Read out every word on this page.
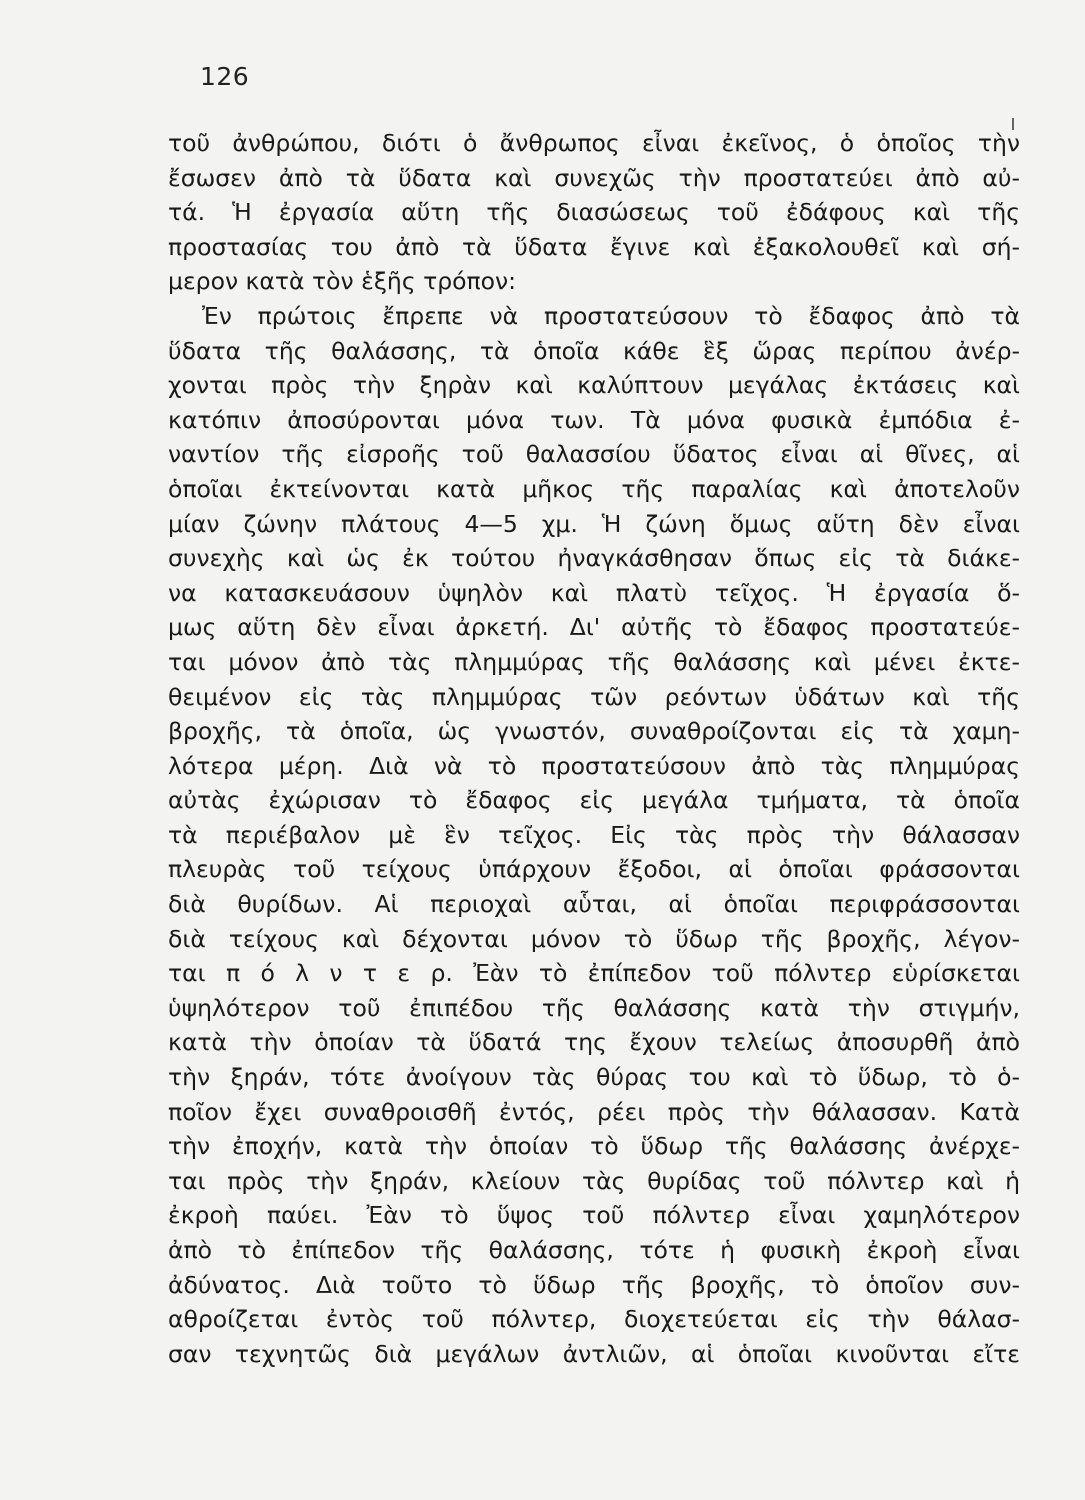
126
τοῦ ἀνθρώπου, διότι ὁ ἄνθρωπος εἶναι ἐκεῖνος, ὁ ὁποῖος τὴν
ἔσωσεν ἀπὸ τὰ ὕδατα καὶ συνεχῶς τὴν προστατεύει ἀπὸ αὐ-
τά. Ἡ ἐργασία αὕτη τῆς διασώσεως τοῦ ἐδάφους καὶ τῆς
προστασίας του ἀπὸ τὰ ὕδατα ἔγινε καὶ ἐξακολουθεῖ καὶ σή-
μερον κατὰ τὸν ἑξῆς τρόπον:
Ἐν πρώτοις ἔπρεπε νὰ προστατεύσουν τὸ ἔδαφος ἀπὸ τὰ
ὕδατα τῆς θαλάσσης, τὰ ὁποῖα κάθε ἓξ ὥρας περίπου ἀνέρ-
χονται πρὸς τὴν ξηρὰν καὶ καλύπτουν μεγάλας ἐκτάσεις καὶ
κατόπιν ἀποσύρονται μόνα των. Τὰ μόνα φυσικὰ ἐμπόδια ἐ-
ναντίον τῆς εἰσροῆς τοῦ θαλασσίου ὕδατος εἶναι αἱ θῖνες, αἱ
ὁποῖαι ἐκτείνονται κατὰ μῆκος τῆς παραλίας καὶ ἀποτελοῦν
μίαν ζώνην πλάτους 4—5 χμ. Ἡ ζώνη ὅμως αὕτη δὲν εἶναι
συνεχὴς καὶ ὡς ἐκ τούτου ἠναγκάσθησαν ὅπως εἰς τὰ διάκε-
να κατασκευάσουν ὑψηλὸν καὶ πλατὺ τεῖχος. Ἡ ἐργασία ὅ-
μως αὕτη δὲν εἶναι ἀρκετή. Δι' αὐτῆς τὸ ἔδαφος προστατεύε-
ται μόνον ἀπὸ τὰς πλημμύρας τῆς θαλάσσης καὶ μένει ἐκτε-
θειμένον εἰς τὰς πλημμύρας τῶν ρεόντων ὑδάτων καὶ τῆς
βροχῆς, τὰ ὁποῖα, ὡς γνωστόν, συναθροίζονται εἰς τὰ χαμη-
λότερα μέρη. Διὰ νὰ τὸ προστατεύσουν ἀπὸ τὰς πλημμύρας
αὐτὰς ἐχώρισαν τὸ ἔδαφος εἰς μεγάλα τμήματα, τὰ ὁποῖα
τὰ περιέβαλον μὲ ἓν τεῖχος. Εἰς τὰς πρὸς τὴν θάλασσαν
πλευρὰς τοῦ τείχους ὑπάρχουν ἔξοδοι, αἱ ὁποῖαι φράσσονται
διὰ θυρίδων. Αἱ περιοχαὶ αὗται, αἱ ὁποῖαι περιφράσσονται
διὰ τείχους καὶ δέχονται μόνον τὸ ὕδωρ τῆς βροχῆς, λέγον-
ται π ό λ ν τ ε ρ. Ἐὰν τὸ ἐπίπεδον τοῦ πόλντερ εὑρίσκεται
ὑψηλότερον τοῦ ἐπιπέδου τῆς θαλάσσης κατὰ τὴν στιγμήν,
κατὰ τὴν ὁποίαν τὰ ὕδατά της ἔχουν τελείως ἀποσυρθῆ ἀπὸ
τὴν ξηράν, τότε ἀνοίγουν τὰς θύρας του καὶ τὸ ὕδωρ, τὸ ὁ-
ποῖον ἔχει συναθροισθῆ ἐντός, ρέει πρὸς τὴν θάλασσαν. Κατὰ
τὴν ἐποχήν, κατὰ τὴν ὁποίαν τὸ ὕδωρ τῆς θαλάσσης ἀνέρχε-
ται πρὸς τὴν ξηράν, κλείουν τὰς θυρίδας τοῦ πόλντερ καὶ ἡ
ἐκροὴ παύει. Ἐὰν τὸ ὕψος τοῦ πόλντερ εἶναι χαμηλότερον
ἀπὸ τὸ ἐπίπεδον τῆς θαλάσσης, τότε ἡ φυσικὴ ἐκροὴ εἶναι
ἀδύνατος. Διὰ τοῦτο τὸ ὕδωρ τῆς βροχῆς, τὸ ὁποῖον συν-
αθροίζεται ἐντὸς τοῦ πόλντερ, διοχετεύεται εἰς τὴν θάλασ-
σαν τεχνητῶς διὰ μεγάλων ἀντλιῶν, αἱ ὁποῖαι κινοῦνται εἴτε
